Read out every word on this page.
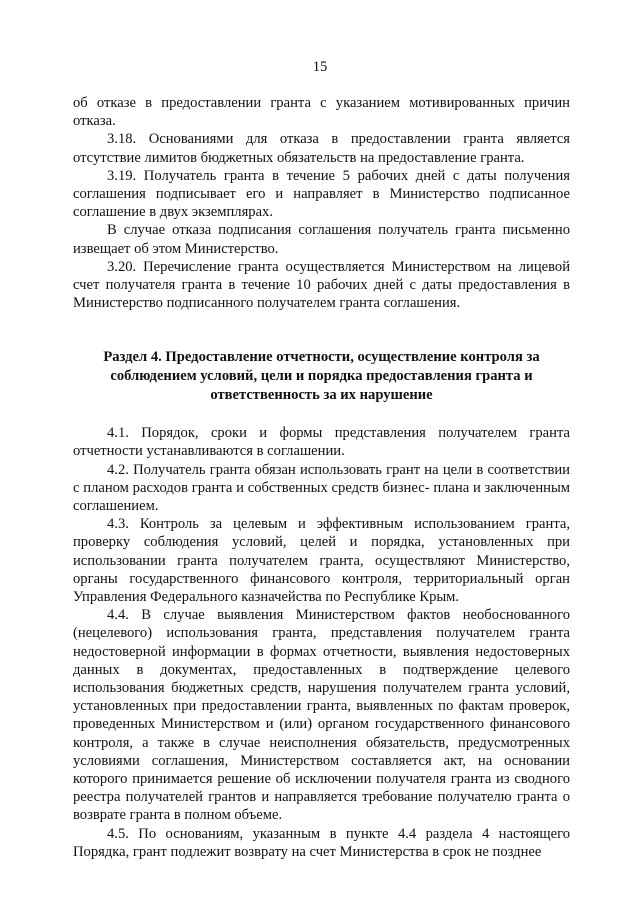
15

об отказе в предоставлении гранта с указанием мотивированных причин отказа.

3.18. Основаниями для отказа в предоставлении гранта является отсутствие лимитов бюджетных обязательств на предоставление гранта.

3.19. Получатель гранта в течение 5 рабочих дней с даты получения соглашения подписывает его и направляет в Министерство подписанное соглашение в двух экземплярах.

В случае отказа подписания соглашения получатель гранта письменно извещает об этом Министерство.

3.20. Перечисление гранта осуществляется Министерством на лицевой счет получателя гранта в течение 10 рабочих дней с даты предоставления в Министерство подписанного получателем гранта соглашения.

Раздел 4. Предоставление отчетности, осуществление контроля за соблюдением условий, цели и порядка предоставления гранта и ответственность за их нарушение

4.1. Порядок, сроки и формы представления получателем гранта отчетности устанавливаются в соглашении.

4.2. Получатель гранта обязан использовать грант на цели в соответствии с планом расходов гранта и собственных средств бизнес- плана и заключенным соглашением.

4.3. Контроль за целевым и эффективным использованием гранта, проверку соблюдения условий, целей и порядка, установленных при использовании гранта получателем гранта, осуществляют Министерство, органы государственного финансового контроля, территориальный орган Управления Федерального казначейства по Республике Крым.

4.4. В случае выявления Министерством фактов необоснованного (нецелевого) использования гранта, представления получателем гранта недостоверной информации в формах отчетности, выявления недостоверных данных в документах, предоставленных в подтверждение целевого использования бюджетных средств, нарушения получателем гранта условий, установленных при предоставлении гранта, выявленных по фактам проверок, проведенных Министерством и (или) органом государственного финансового контроля, а также в случае неисполнения обязательств, предусмотренных условиями соглашения, Министерством составляется акт, на основании которого принимается решение об исключении получателя гранта из сводного реестра получателей грантов и направляется требование получателю гранта о возврате гранта в полном объеме.

4.5. По основаниям, указанным в пункте 4.4 раздела 4 настоящего Порядка, грант подлежит возврату на счет Министерства в срок не позднее
